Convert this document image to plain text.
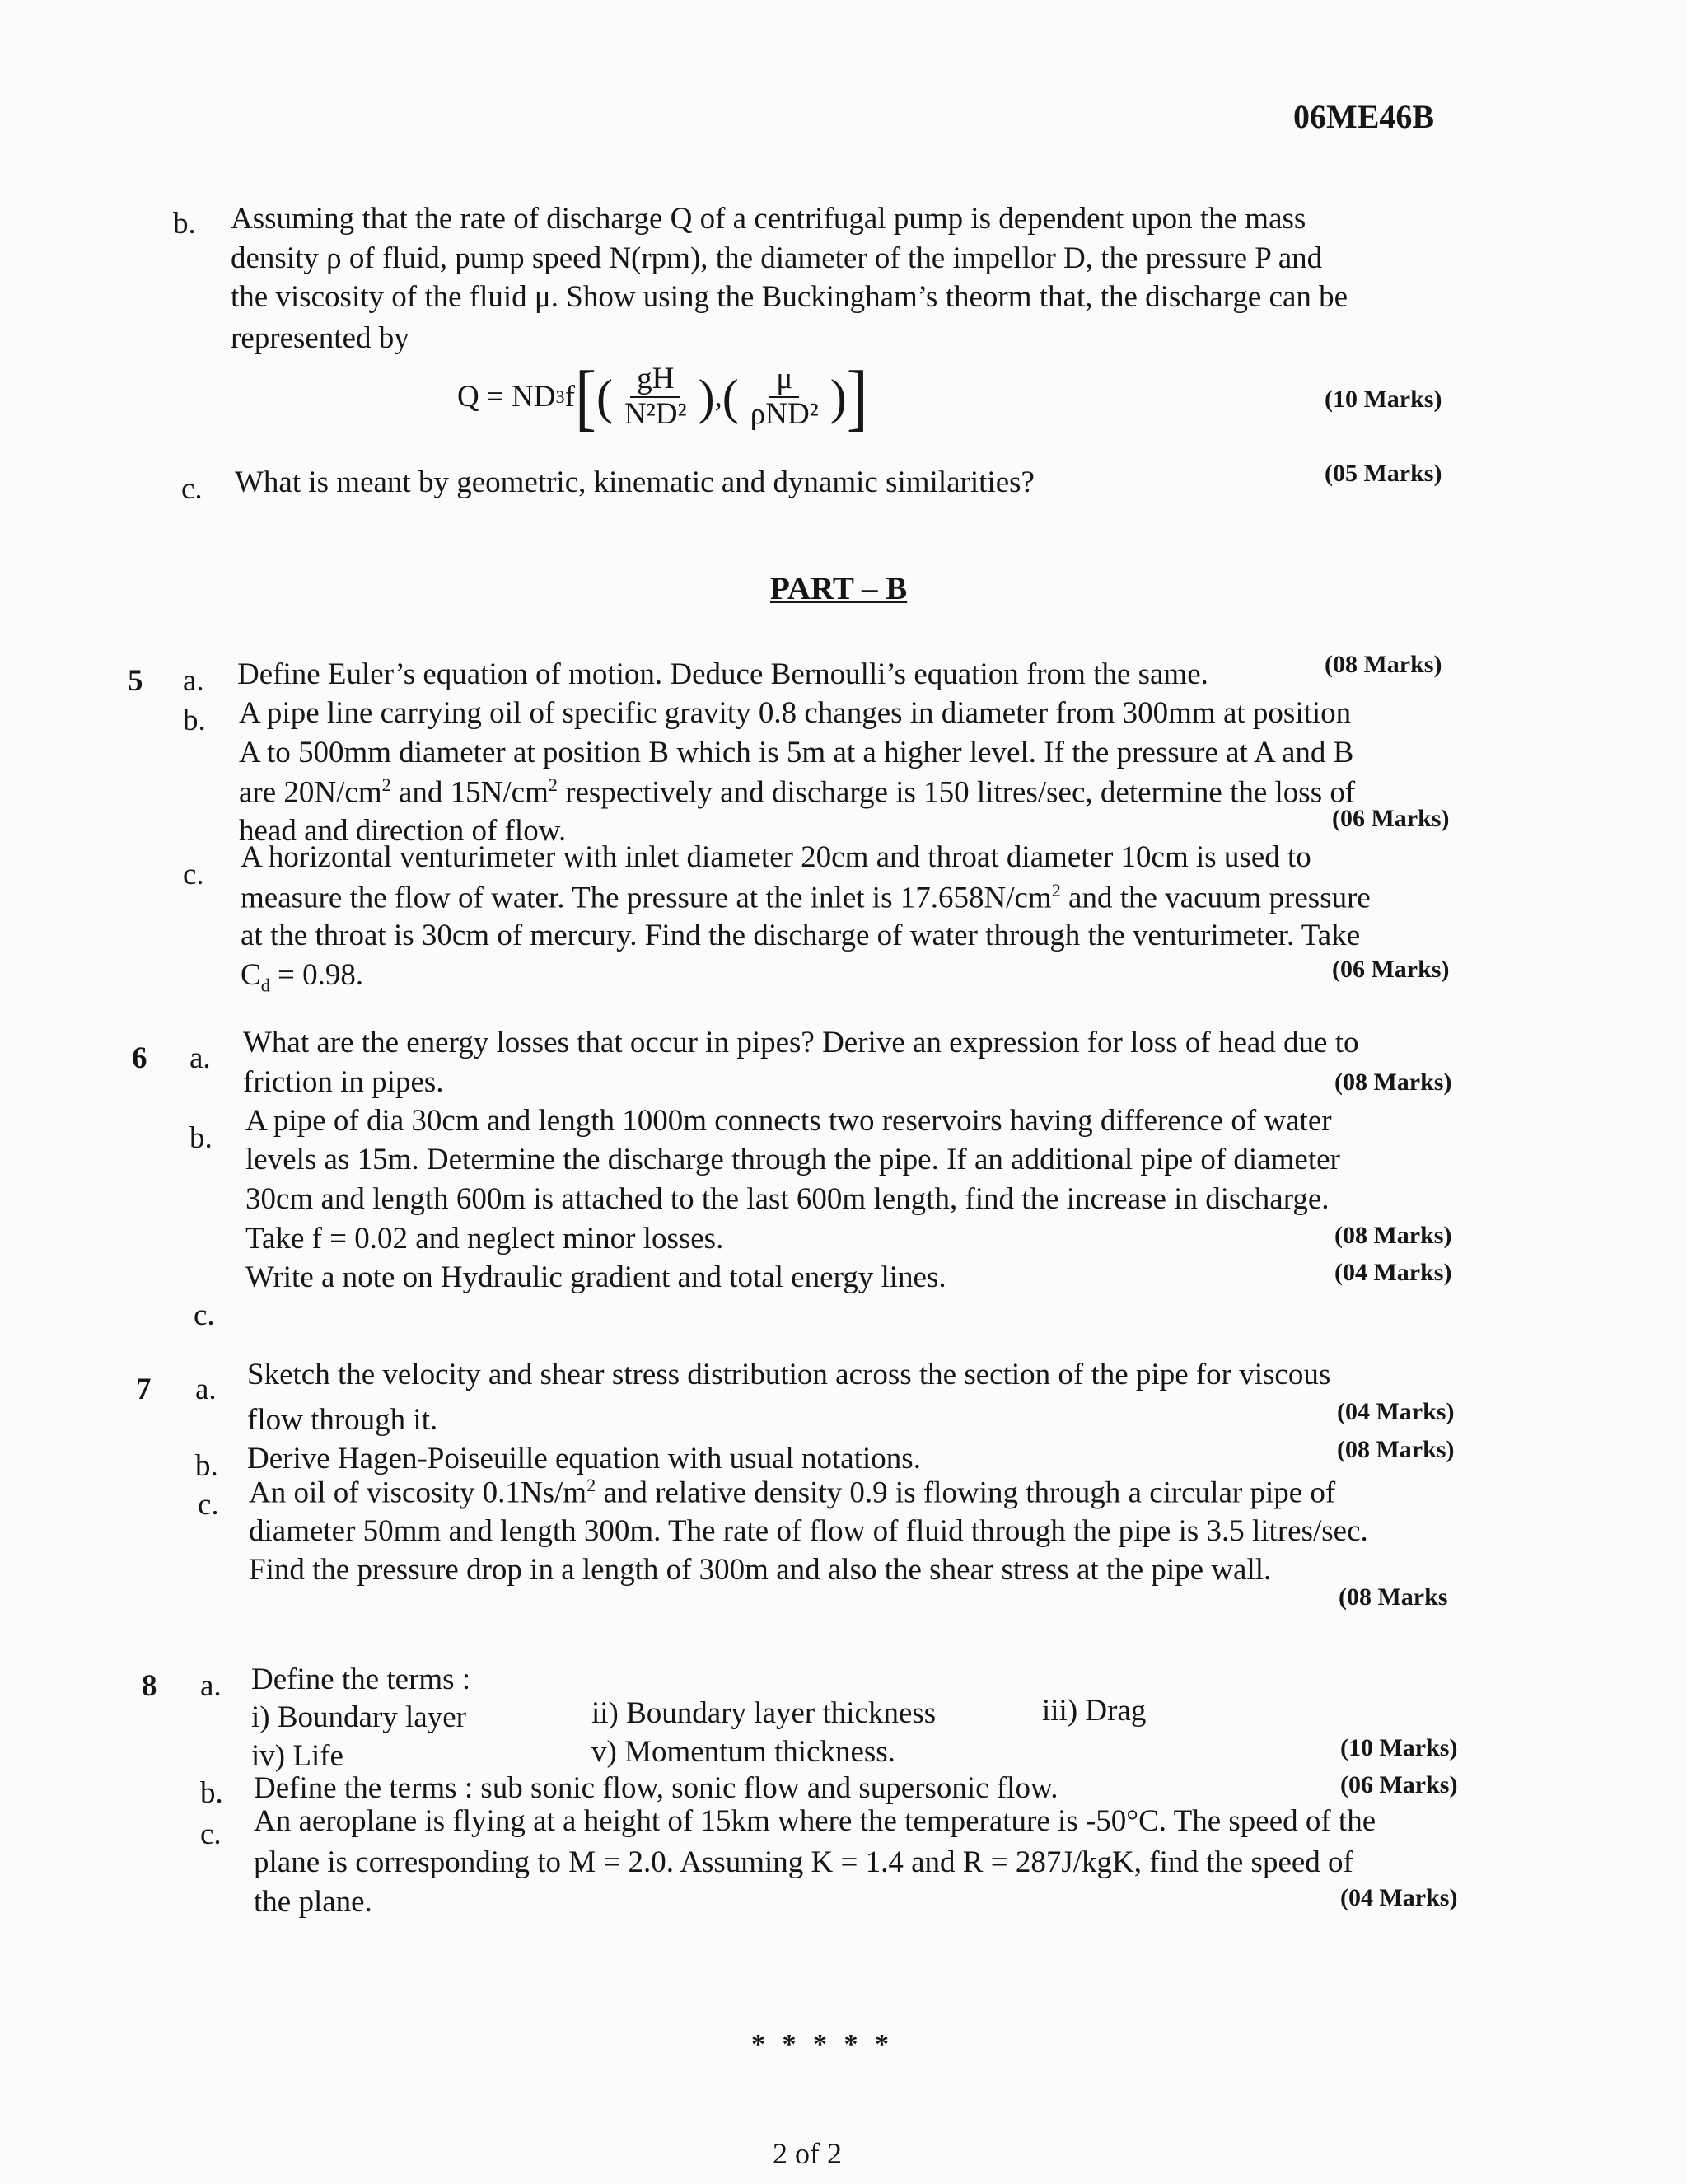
06ME46B
b. Assuming that the rate of discharge Q of a centrifugal pump is dependent upon the mass
density ρ of fluid, pump speed N(rpm), the diameter of the impellor D, the pressure P and
the viscosity of the fluid μ. Show using the Buckingham’s theorm that, the discharge can be
represented by
Q = ND 3 f [ ( $\frac{gH}{\text{N²D²}}$ ) , ( $\frac{\mu}{\text{ρND²}}$ ) ]	(10 Marks)
c. What is meant by geometric, kinematic and dynamic similarities?	(05 Marks)
PART – B
5 a. Define Euler’s equation of motion. Deduce Bernoulli’s equation from the same.	(08 Marks)
b. A pipe line carrying oil of specific gravity 0.8 changes in diameter from 300mm at position
A to 500mm diameter at position B which is 5m at a higher level. If the pressure at A and B
are $20N/cm^2$ and $15N/cm^2$ respectively and discharge is 150 litres/sec, determine the loss of
head and direction of flow.	(06 Marks)
c.
A horizontal venturimeter with inlet diameter 20cm and throat diameter 10cm is used to
measure the flow of water. The pressure at the inlet is $17.658N/cm^2$ and the vacuum pressure
at the throat is 30cm of mercury. Find the discharge of water through the venturimeter. Take
$C_d = 0.98$.	(06 Marks)
6 a. What are the energy losses that occur in pipes? Derive an expression for loss of head due to
friction in pipes.	(08 Marks)
b.
A pipe of dia 30cm and length 1000m connects two reservoirs having difference of water
levels as 15m. Determine the discharge through the pipe. If an additional pipe of diameter
30cm and length 600m is attached to the last 600m length, find the increase in discharge.
Take f = 0.02 and neglect minor losses.	(08 Marks)
Write a note on Hydraulic gradient and total energy lines.	(04 Marks)
c.
7 a. Sketch the velocity and shear stress distribution across the section of the pipe for viscous
flow through it.	(04 Marks)
b. Derive Hagen-Poiseuille equation with usual notations.	(08 Marks)
c. An oil of viscosity $0.1Ns/m^2$ and relative density 0.9 is flowing through a circular pipe of
diameter 50mm and length 300m. The rate of flow of fluid through the pipe is 3.5 litres/sec.
Find the pressure drop in a length of 300m and also the shear stress at the pipe wall.
(08 Marks
8 a. Define the terms :
i) Boundary layer	ii) Boundary layer thickness	iii) Drag
iv) Life	v) Momentum thickness.	(10 Marks)
b. Define the terms : sub sonic flow, sonic flow and supersonic flow.	(06 Marks)
c. An aeroplane is flying at a height of 15km where the temperature is -50°C. The speed of the
plane is corresponding to M = 2.0. Assuming K = 1.4 and R = 287J/kgK, find the speed of
the plane.	(04 Marks)
* * * * *
2 of 2
